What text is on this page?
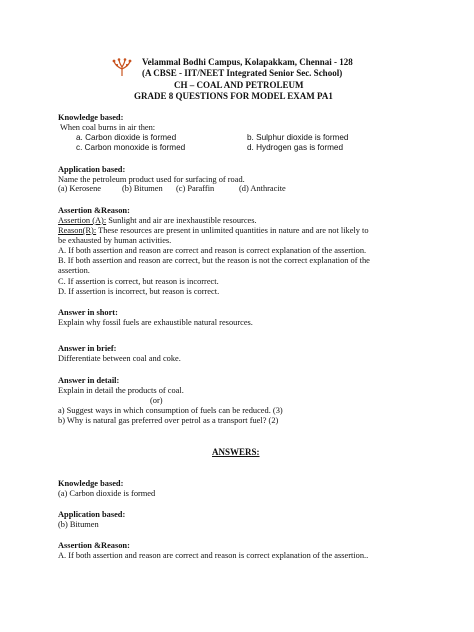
Velammal Bodhi Campus, Kolapakkam, Chennai - 128
(A CBSE - IIT/NEET Integrated Senior Sec. School)
CH – COAL AND PETROLEUM
GRADE 8 QUESTIONS FOR MODEL EXAM PA1
Knowledge based:
When coal burns in air then:
a. Carbon dioxide is formed	b. Sulphur dioxide is formed
c. Carbon monoxide is formed	d. Hydrogen gas is formed
Application based:
Name the petroleum product used for surfacing of road.
(a) Kerosene (b) Bitumen (c) Paraffin	(d) Anthracite
Assertion &Reason:
Assertion (A): Sunlight and air are inexhaustible resources.
Reason(R): These resources are present in unlimited quantities in nature and are not likely to
be exhausted by human activities.
A. If both assertion and reason are correct and reason is correct explanation of the assertion.
B. If both assertion and reason are correct, but the reason is not the correct explanation of the
assertion.
C. If assertion is correct, but reason is incorrect.
D. If assertion is incorrect, but reason is correct.
Answer in short:
Explain why fossil fuels are exhaustible natural resources.
Answer in brief:
Differentiate between coal and coke.
Answer in detail:
Explain in detail the products of coal.
(or)
a) Suggest ways in which consumption of fuels can be reduced. (3)
b) Why is natural gas preferred over petrol as a transport fuel? (2)
ANSWERS:
Knowledge based:
(a) Carbon dioxide is formed
Application based:
(b) Bitumen
Assertion &Reason:
A. If both assertion and reason are correct and reason is correct explanation of the assertion..
